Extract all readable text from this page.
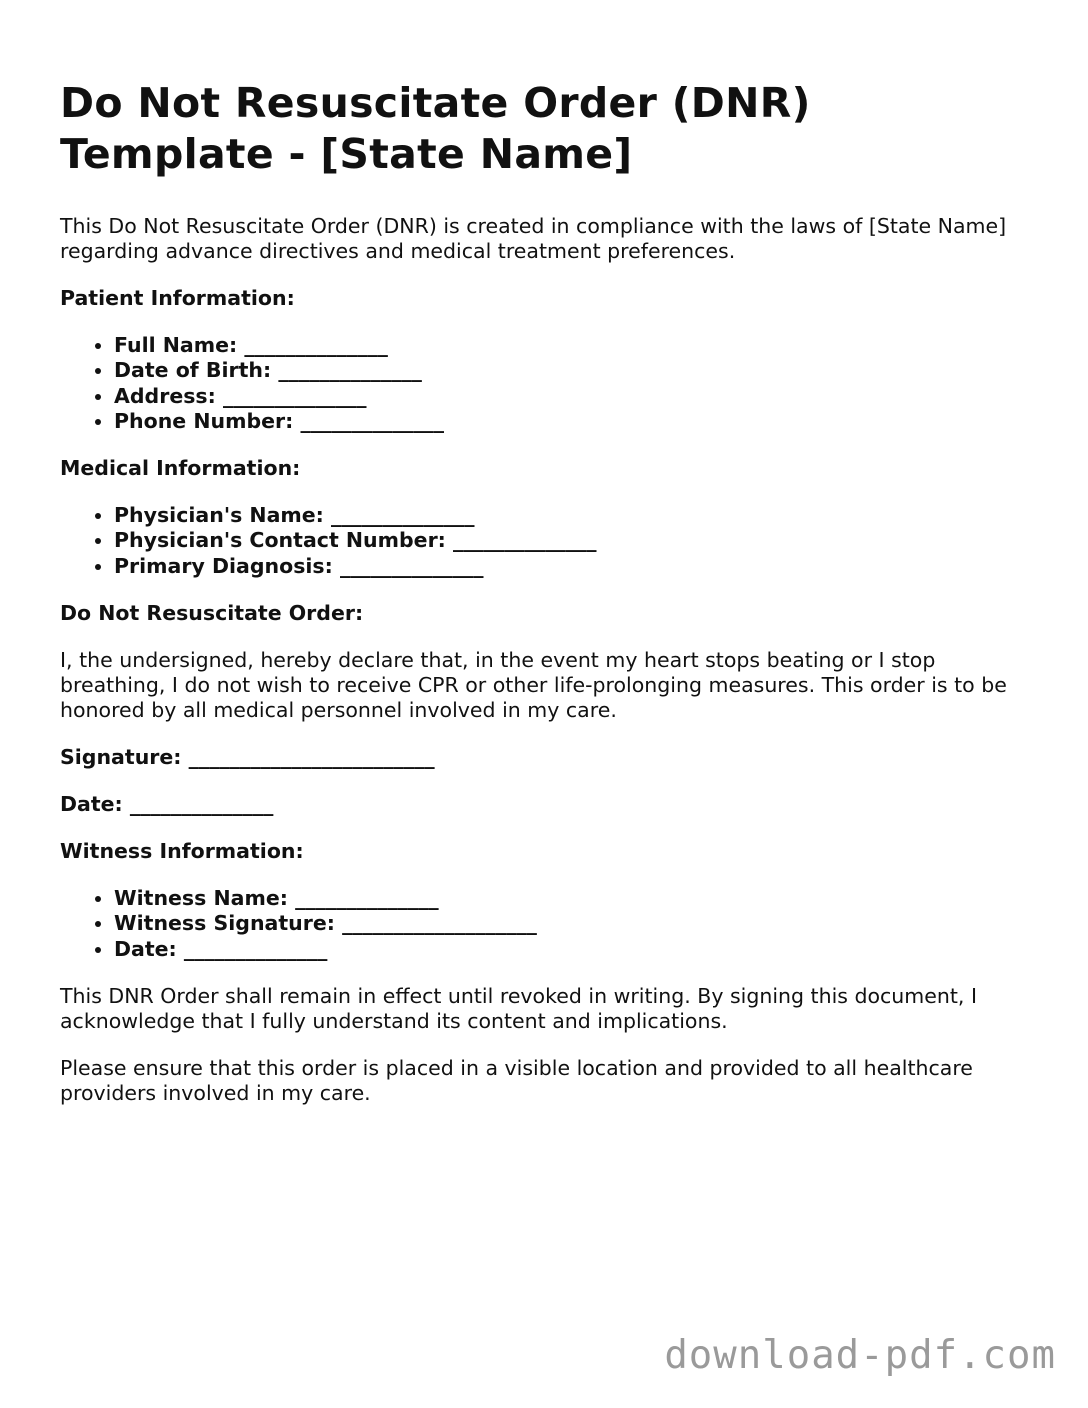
Do Not Resuscitate Order (DNR) Template - [State Name]

This Do Not Resuscitate Order (DNR) is created in compliance with the laws of [State Name] regarding advance directives and medical treatment preferences.

Patient Information:
• Full Name: ______________
• Date of Birth: ______________
• Address: ______________
• Phone Number: ______________
Medical Information:
• Physician's Name: ______________
• Physician's Contact Number: ______________
• Primary Diagnosis: ______________
Do Not Resuscitate Order:

I, the undersigned, hereby declare that, in the event my heart stops beating or I stop breathing, I do not wish to receive CPR or other life-prolonging measures. This order is to be honored by all medical personnel involved in my care.

Signature: ________________________
Date: ______________
Witness Information:
• Witness Name: ______________
• Witness Signature: ___________________
• Date: ______________

This DNR Order shall remain in effect until revoked in writing. By signing this document, I acknowledge that I fully understand its content and implications.

Please ensure that this order is placed in a visible location and provided to all healthcare providers involved in my care.

download-pdf.com
